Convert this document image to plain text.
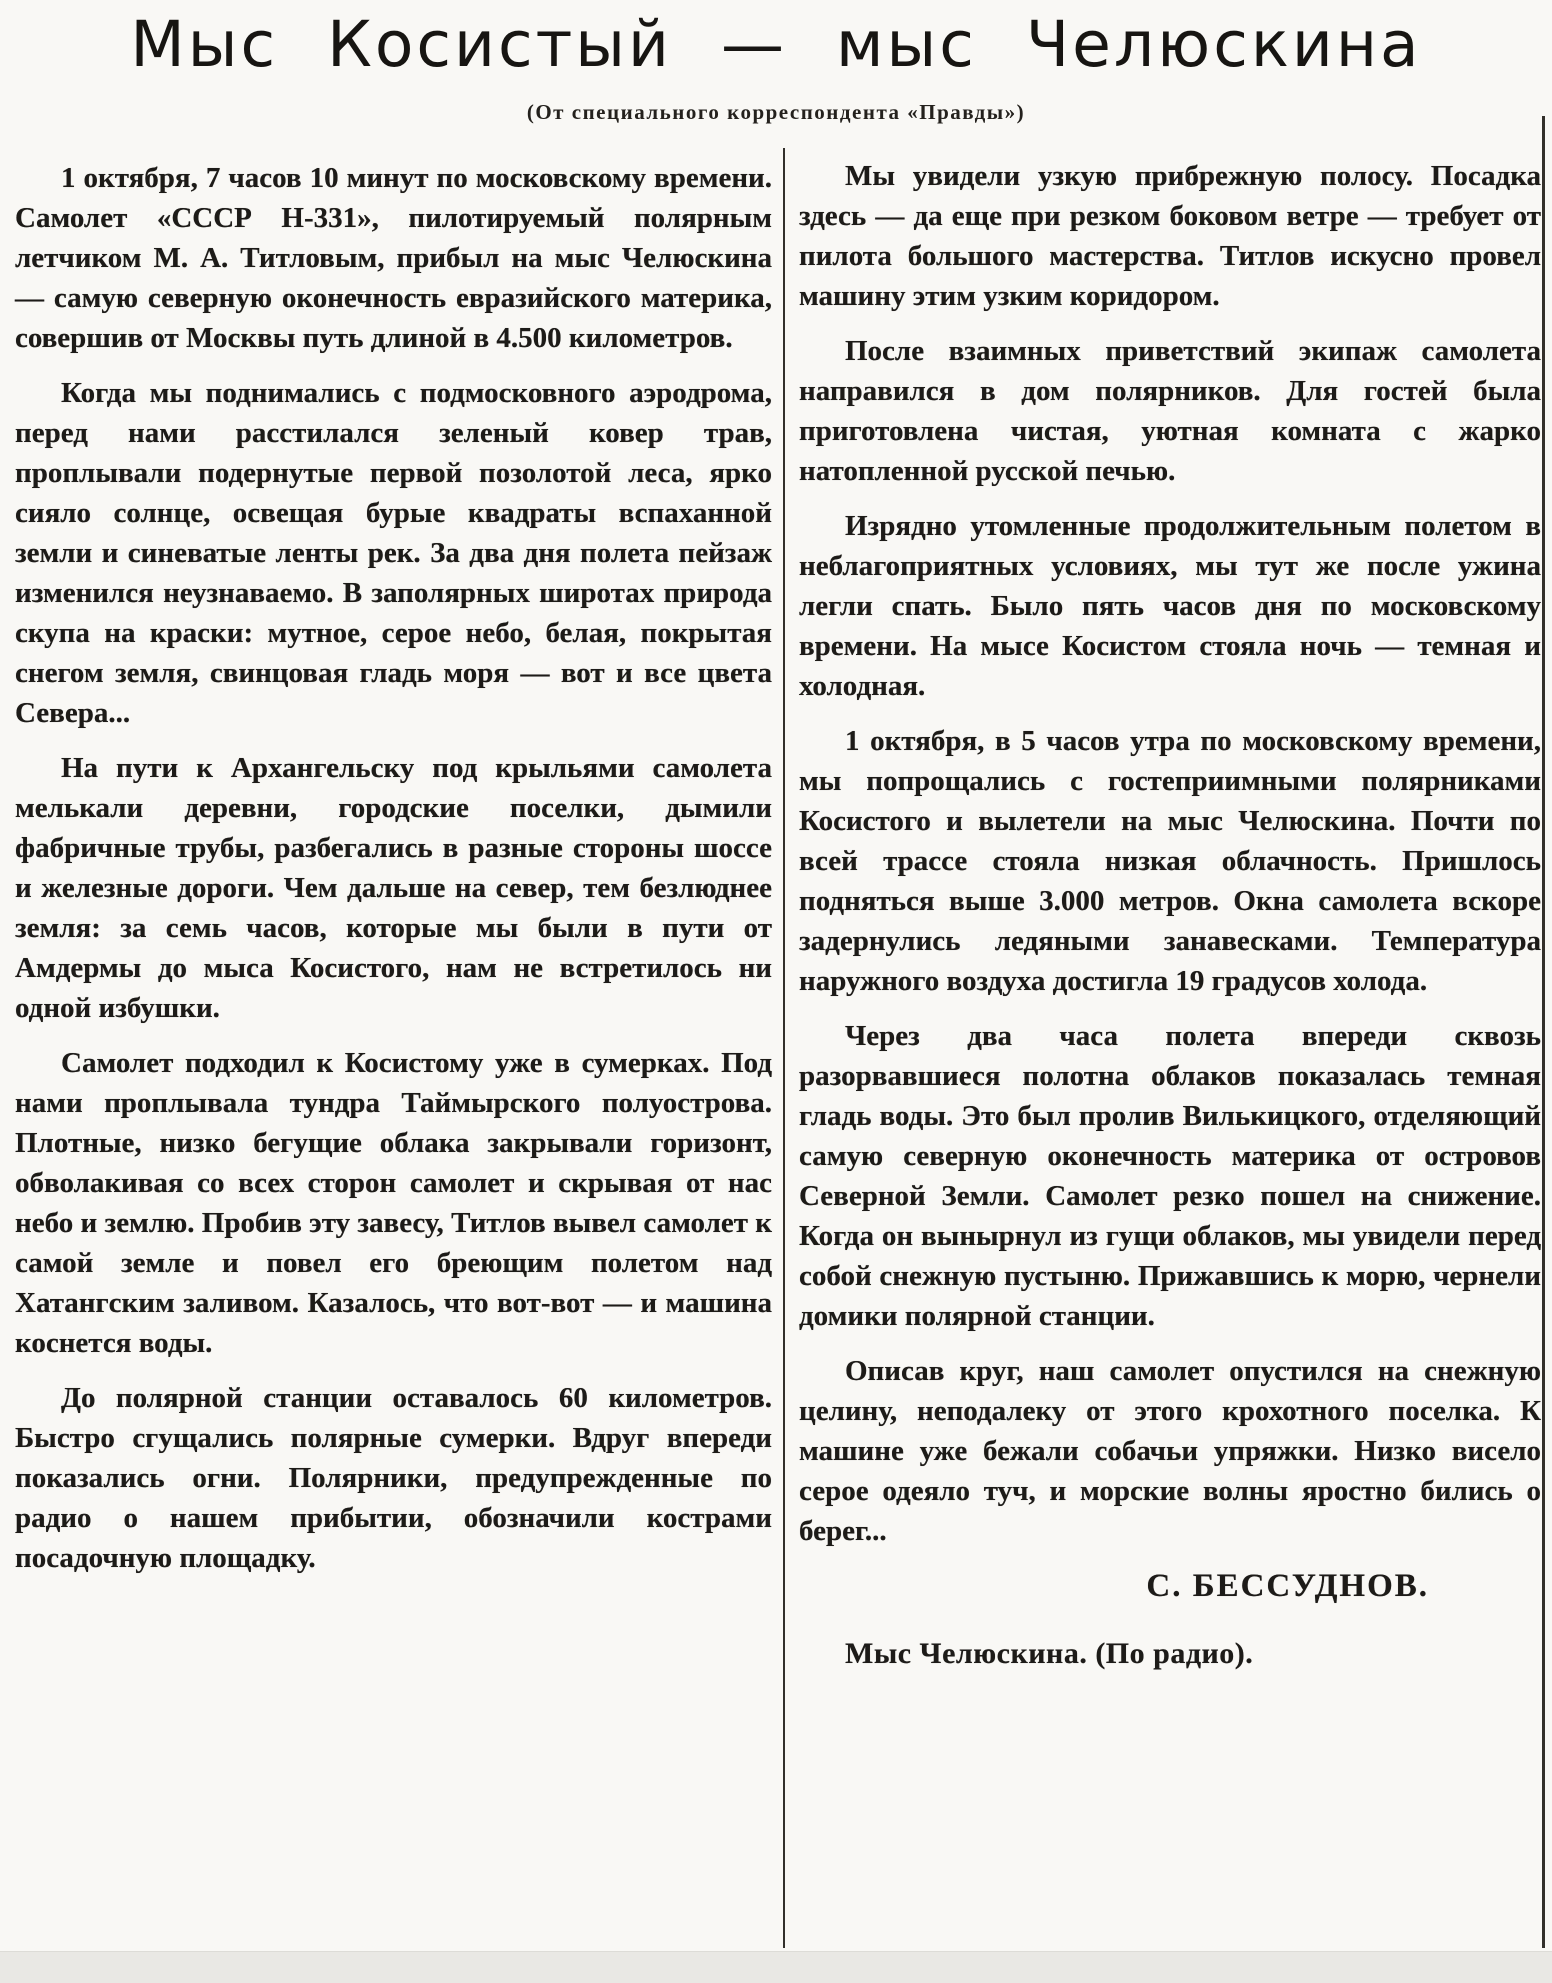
Мыс Косистый — мыс Челюскина
(От специального корреспондента «Правды»)

1 октября, 7 часов 10 минут по московскому времени. Самолет «СССР Н-331», пилотируемый полярным летчиком М. А. Титловым, прибыл на мыс Челюскина — самую северную оконечность евразийского материка, совершив от Москвы путь длиной в 4.500 километров.

Когда мы поднимались с подмосковного аэродрома, перед нами расстилался зеленый ковер трав, проплывали подернутые первой позолотой леса, ярко сияло солнце, освещая бурые квадраты вспаханной земли и синеватые ленты рек. За два дня полета пейзаж изменился неузнаваемо. В заполярных широтах природа скупа на краски: мутное, серое небо, белая, покрытая снегом земля, свинцовая гладь моря — вот и все цвета Севера...

На пути к Архангельску под крыльями самолета мелькали деревни, городские поселки, дымили фабричные трубы, разбегались в разные стороны шоссе и железные дороги. Чем дальше на север, тем безлюднее земля: за семь часов, которые мы были в пути от Амдермы до мыса Косистого, нам не встретилось ни одной избушки.

Самолет подходил к Косистому уже в сумерках. Под нами проплывала тундра Таймырского полуострова. Плотные, низко бегущие облака закрывали горизонт, обволакивая со всех сторон самолет и скрывая от нас небо и землю. Пробив эту завесу, Титлов вывел самолет к самой земле и повел его бреющим полетом над Хатангским заливом. Казалось, что вот-вот — и машина коснется воды.

До полярной станции оставалось 60 километров. Быстро сгущались полярные сумерки. Вдруг впереди показались огни. Полярники, предупрежденные по радио о нашем прибытии, обозначили кострами посадочную площадку.

Мы увидели узкую прибрежную полосу. Посадка здесь — да еще при резком боковом ветре — требует от пилота большого мастерства. Титлов искусно провел машину этим узким коридором.

После взаимных приветствий экипаж самолета направился в дом полярников. Для гостей была приготовлена чистая, уютная комната с жарко натопленной русской печью.

Изрядно утомленные продолжительным полетом в неблагоприятных условиях, мы тут же после ужина легли спать. Было пять часов дня по московскому времени. На мысе Косистом стояла ночь — темная и холодная.

1 октября, в 5 часов утра по московскому времени, мы попрощались с гостеприимными полярниками Косистого и вылетели на мыс Челюскина. Почти по всей трассе стояла низкая облачность. Пришлось подняться выше 3.000 метров. Окна самолета вскоре задернулись ледяными занавесками. Температура наружного воздуха достигла 19 градусов холода.

Через два часа полета впереди сквозь разорвавшиеся полотна облаков показалась темная гладь воды. Это был пролив Вилькицкого, отделяющий самую северную оконечность материка от островов Северной Земли. Самолет резко пошел на снижение. Когда он вынырнул из гущи облаков, мы увидели перед собой снежную пустыню. Прижавшись к морю, чернели домики полярной станции.

Описав круг, наш самолет опустился на снежную целину, неподалеку от этого крохотного поселка. К машине уже бежали собачьи упряжки. Низко висело серое одеяло туч, и морские волны яростно бились о берег...

С. БЕССУДНОВ.

Мыс Челюскина. (По радио).
